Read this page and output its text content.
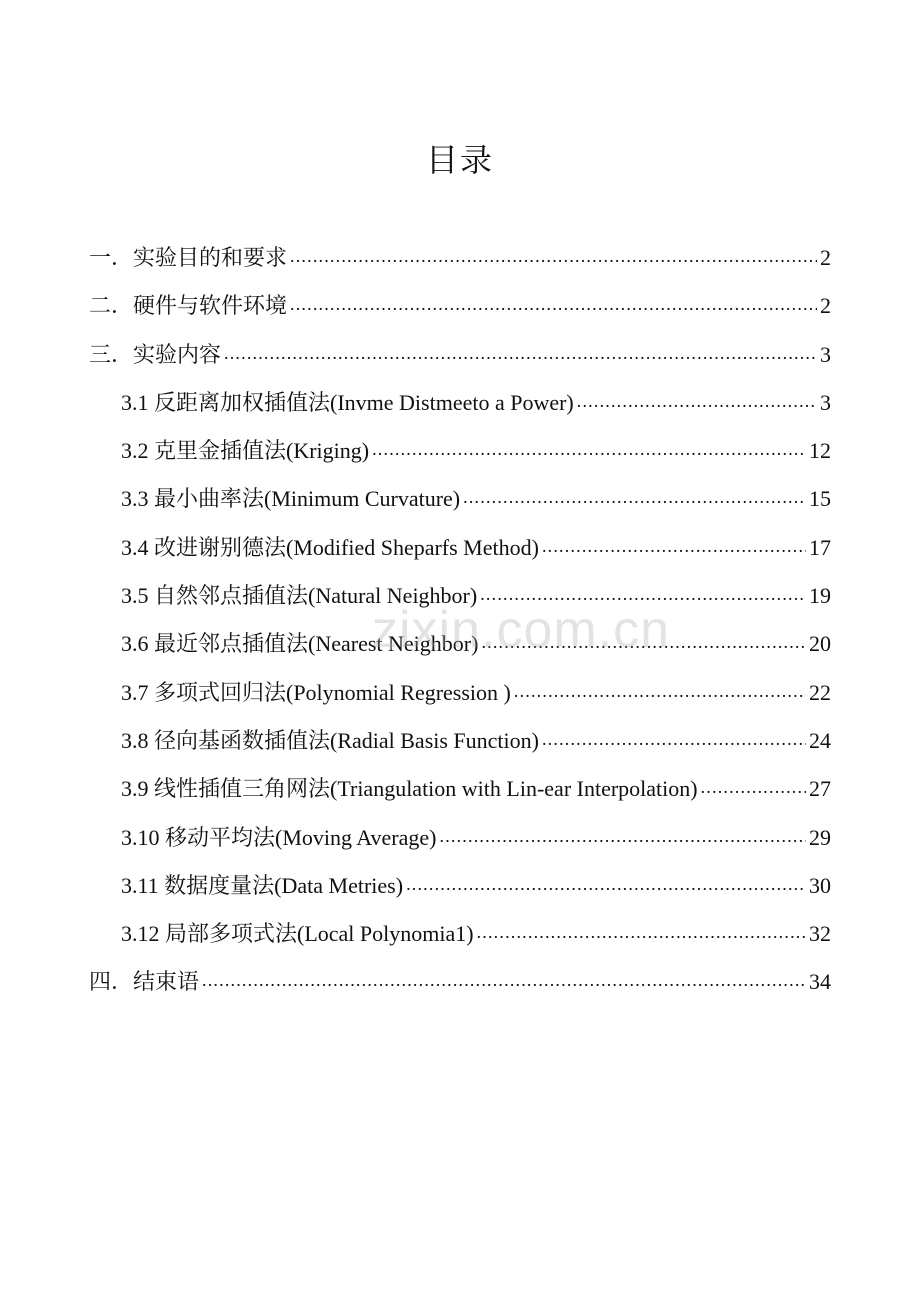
目录
一．实验目的和要求 .....	2
二．硬件与软件环境 .....	2
三．实验内容 .....	3
3.1 反距离加权插值法(Invme Distmeeto a Power) .....	3
3.2 克里金插值法(Kriging) .....	12
3.3 最小曲率法(Minimum Curvature) .....	15
3.4 改进谢别德法(Modified Sheparfs Method) .....	17
3.5 自然邻点插值法(Natural Neighbor) .....	19
3.6 最近邻点插值法(Nearest Neighbor) .....	20
3.7 多项式回归法(Polynomial Regression ) .....	22
3.8 径向基函数插值法(Radial Basis Function) .....	24
3.9 线性插值三角网法(Triangulation with Lin-ear Interpolation) .....	27
3.10 移动平均法(Moving Average) .....	29
3.11 数据度量法(Data Metries) .....	30
3.12 局部多项式法(Local Polynomia1) .....	32
四．结束语 .....	34
zixin.com.cn
